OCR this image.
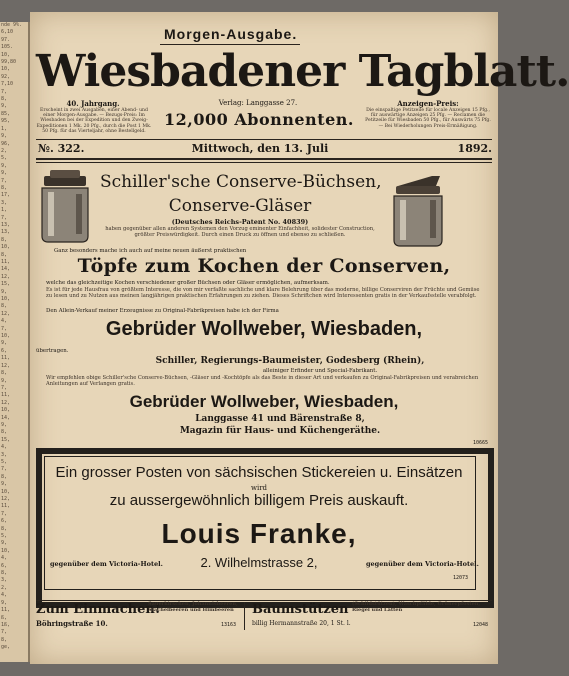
nde 9%.
6,10
97.
105.
10,
99,80
10,
92,
7,10
7,
8,
9,
85,
95,
1,
9,
96,
2,
5,
9,
9,
7,
8,
17,
3,
1,
7,
13,
13,
8,
10,
8,
11,
14,
12,
15,
9,
10,
8,
12,
4,
7,
10,
9,
6,
11,
12,
8,
9,
7,
11,
12,
10,
14,
9,
8,
15,
4,
3,
5,
7,
8,
9,
10,
12,
11,
7,
6,
8,
5,
9,
10,
4,
6,
8,
3,
2,
4,
9,
11,
ß,
1ß,
7,
8,
ge,
Morgen-Ausgabe.
Wiesbadener Tagblatt.
40. Jahrgang.
Erscheint in zwei Ausgaben, einer Abend- und einer Morgen-Ausgabe. — Bezugs-Preis: Im Wiesbaden bei der Expedition und den Zweig-Expeditionen 1 Mk. 20 Pfg., durch die Post 1 Mk. 50 Pfg. für das Vierteljahr, ohne Bestellgeld.
Verlag: Langgasse 27.
12,000 Abonnenten.
Anzeigen-Preis:
Die einspaltige Petitzeile für locale Anzeigen 15 Pfg., für auswärtige Anzeigen 25 Pfg. — Reclamen die Petitzeile für Wiesbaden 50 Pfg., für Auswärts 75 Pfg. — Bei Wiederholungen Preis-Ermäßigung.
№. 322.	Mittwoch, den 13. Juli	1892.
Schiller'sche Conserve-Büchsen,
Conserve-Gläser
(Deutsches Reichs-Patent No. 40839)
haben gegenüber allen anderen Systemen den Vorzug eminenter Einfachheit, solidester Construction, größter Preiswürdigkeit. Durch einen Druck zu öffnen und ebenso zu schließen.
Ganz besonders mache ich auch auf meine neuen äußerst praktischen
Töpfe zum Kochen der Conserven,
welche das gleichzeitige Kochen verschiedener großer Büchsen oder Gläser ermöglichen, aufmerksam.
Es ist für jede Hausfrau von größtem Interesse, die von mir verfaßte sachliche und klare Belehrung über das moderne, billige Conserviren der Früchte und Gemüse zu lesen und zu Nutzen aus meinen langjährigen praktischen Erfahrungen zu ziehen. Dieses Schriftchen wird Interessenten gratis in der Verkaufsstelle verabfolgt.
Den Allein-Verkauf meiner Erzeugnisse zu Original-Fabrikpreisen habe ich der Firma
Gebrüder Wollweber, Wiesbaden,
übertragen.
Schiller, Regierungs-Baumeister, Godesberg (Rhein),
alleiniger Erfinder und Special-Fabrikant.
Wir empfehlen obige Schiller'sche Conserve-Büchsen, -Gläser und -Kochtöpfe als das Beste in dieser Art und verkaufen zu Original-Fabrikpreisen und verabreichen Anleitungen auf Verlangen gratis.
Gebrüder Wollweber, Wiesbaden,
Langgasse 41 und Bärenstraße 8,
Magazin für Haus- und Küchengeräthe.
10665
Ein grosser Posten von sächsischen Stickereien u. Einsätzen
wird
zu aussergewöhnlich billigem Preis auskauft.
Louis Franke,
gegenüber dem Victoria-Hotel.	2. Wilhelmstrasse 2,	gegenüber dem Victoria-Hotel.
12073
Zum Einmachen!
Sauerkirschen, Johannisbeeren, Stachelbeeren und Himbeeren
Böhringstraße 10.	13163
Baumstützen (Schildstützen), Waschpfähle, Grünerpfosten, Riegel und Latten
billig Hermannstraße 20, 1 St. l.	12048
